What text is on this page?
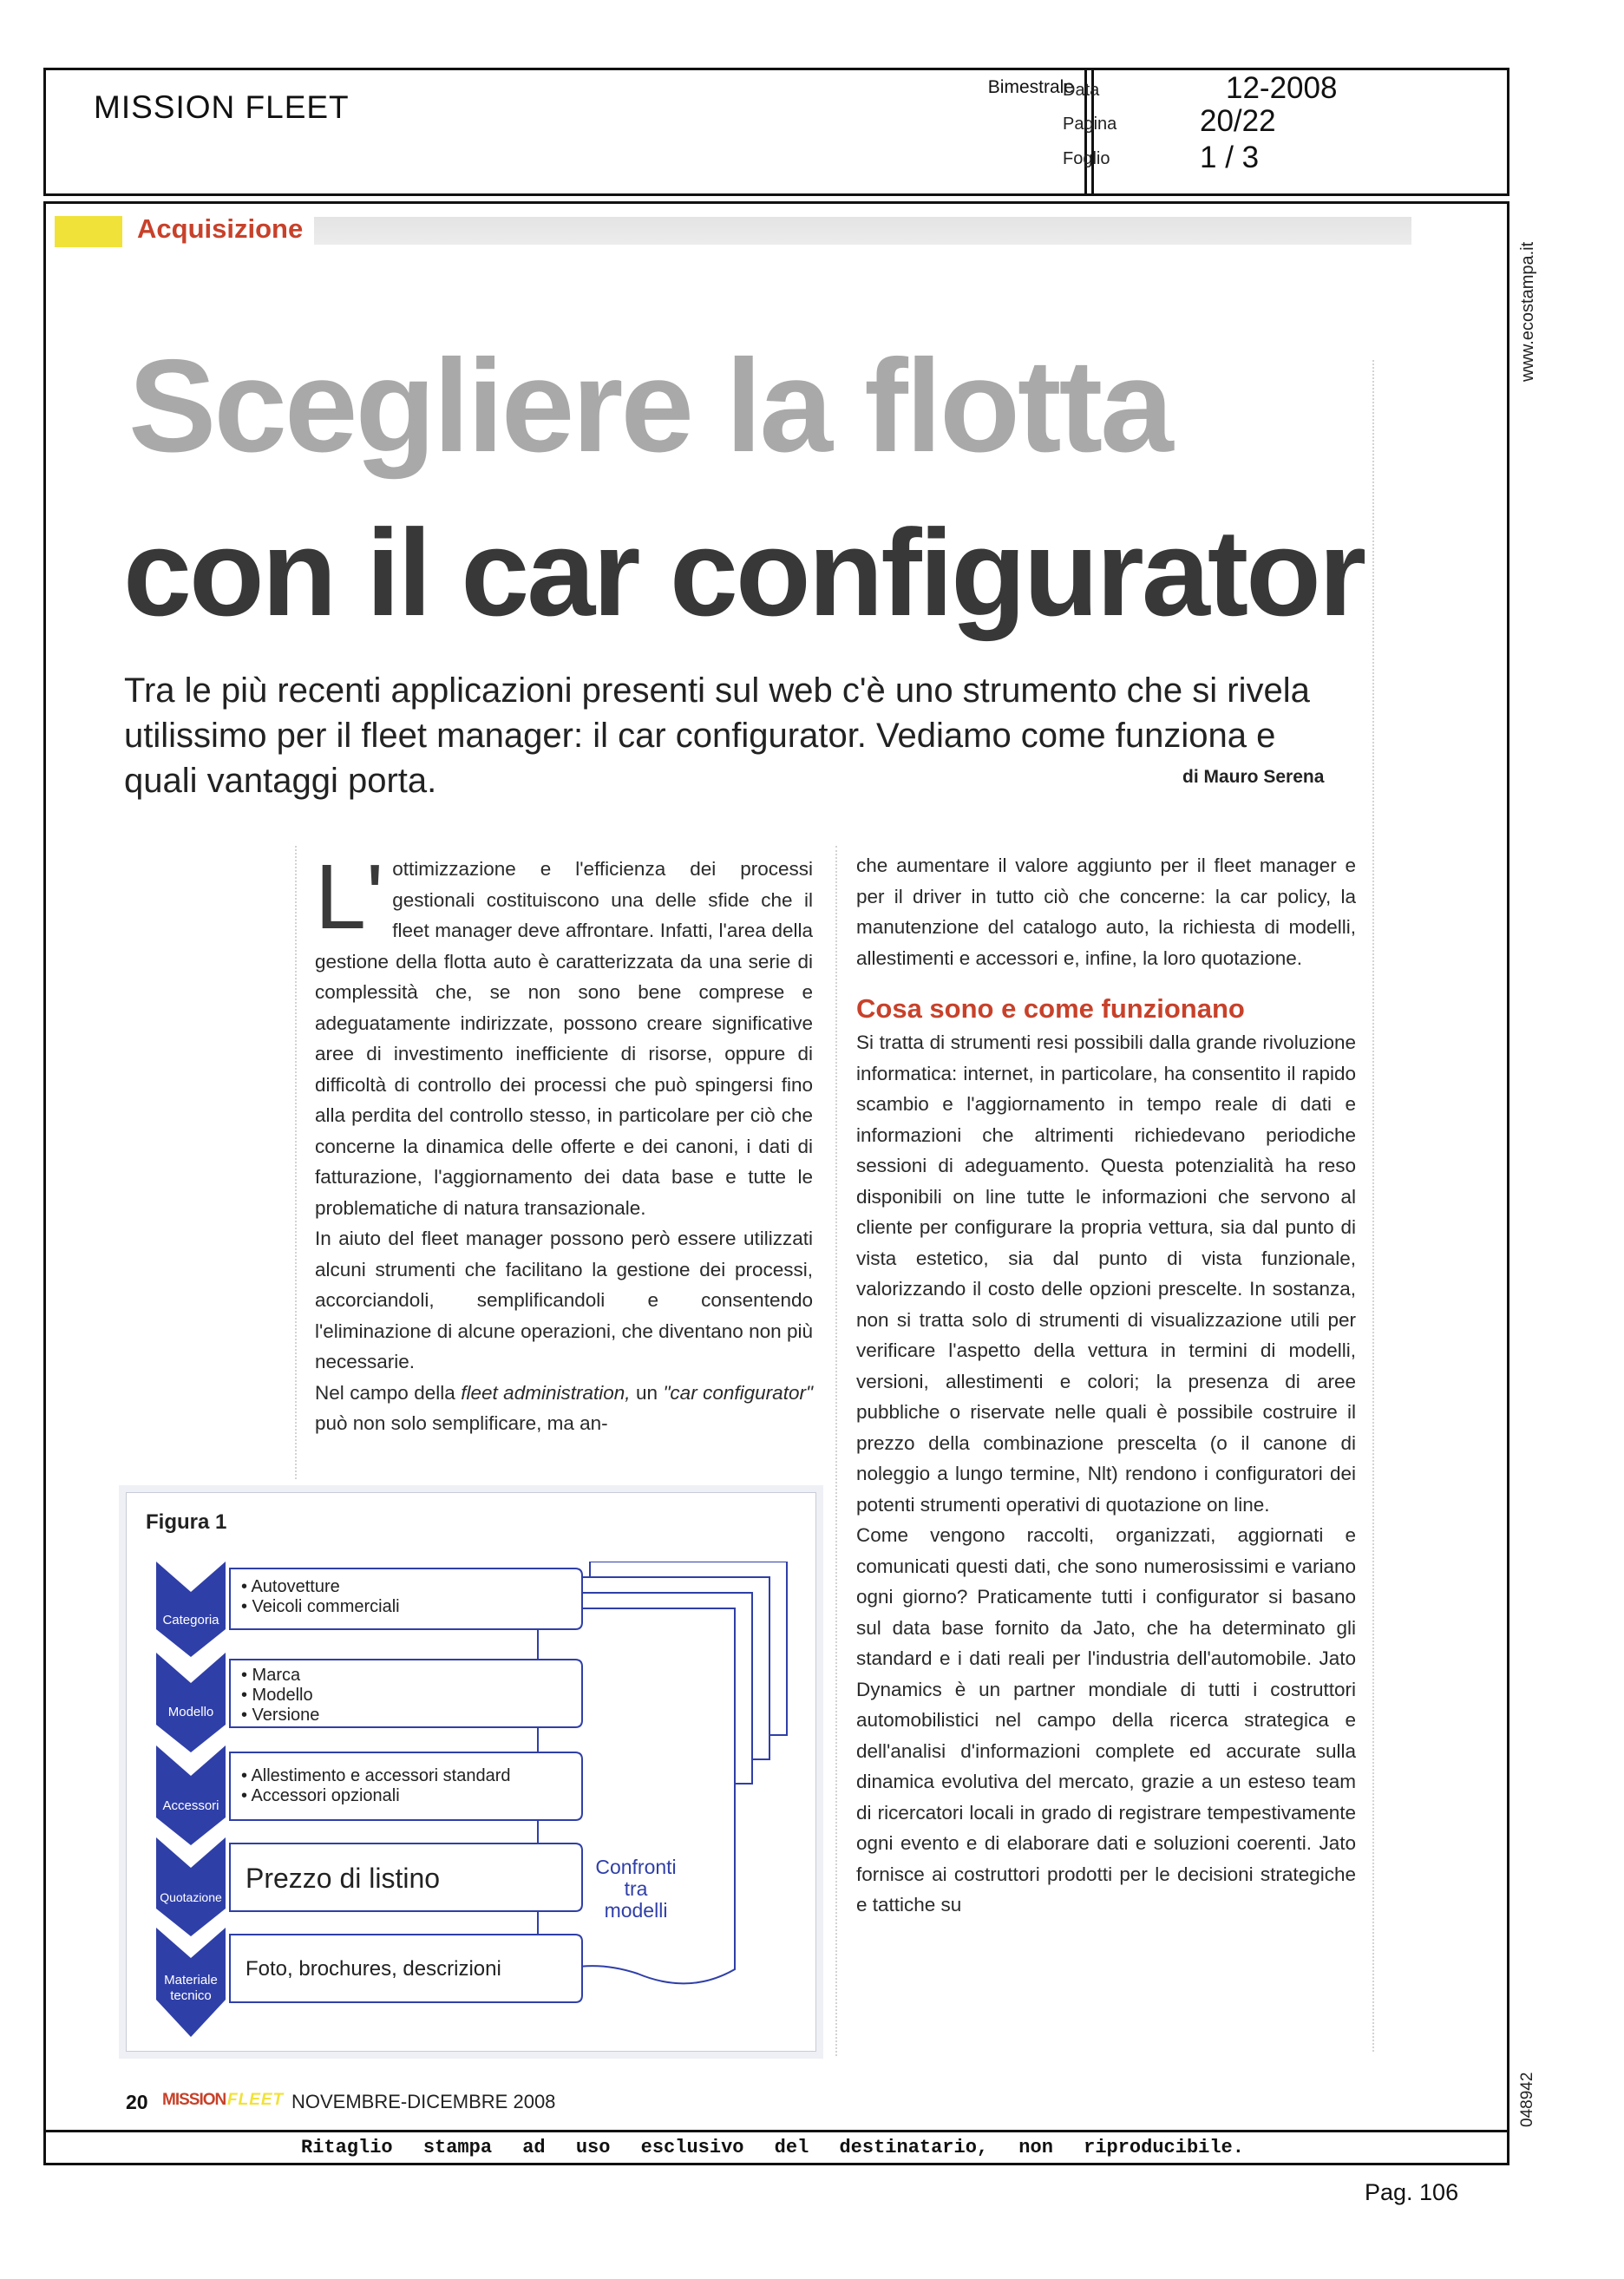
MISSION FLEET
Bimestrale
Data	12-2008
Pagina	20/22
Foglio	1 / 3
Ritaglio stampa ad uso esclusivo del destinatario, non riproducibile.
www.ecostampa.it
048942
Pag. 106
Acquisizione
Scegliere la flotta
con il car configurator
Tra le più recenti applicazioni presenti sul web c'è uno strumento che si rivela utilissimo per il fleet manager: il car configurator. Vediamo come funziona e quali vantaggi porta.	di Mauro Serena

L' ottimizzazione e l'efficienza dei processi gestionali costituiscono una delle sfide che il fleet manager deve affrontare. Infatti, l'area della gestione della flotta auto è caratterizzata da una serie di complessità che, se non sono bene comprese e adeguatamente indirizzate, possono creare significative aree di investimento inefficiente di risorse, oppure di difficoltà di controllo dei processi che può spingersi fino alla perdita del controllo stesso, in particolare per ciò che concerne la dinamica delle offerte e dei canoni, i dati di fatturazione, l'aggiornamento dei data base e tutte le problematiche di natura transazionale.

In aiuto del fleet manager possono però essere utilizzati alcuni strumenti che facilitano la gestione dei processi, accorciandoli, semplificandoli e consentendo l'eliminazione di alcune operazioni, che diventano non più necessarie.

Nel campo della fleet administration, un "car configurator" può non solo semplificare, ma an-

che aumentare il valore aggiunto per il fleet manager e per il driver in tutto ciò che concerne: la car policy, la manutenzione del catalogo auto, la richiesta di modelli, allestimenti e accessori e, infine, la loro quotazione.

Cosa sono e come funzionano

Si tratta di strumenti resi possibili dalla grande rivoluzione informatica: internet, in particolare, ha consentito il rapido scambio e l'aggiornamento in tempo reale di dati e informazioni che altrimenti richiedevano periodiche sessioni di adeguamento. Questa potenzialità ha reso disponibili on line tutte le informazioni che servono al cliente per configurare la propria vettura, sia dal punto di vista estetico, sia dal punto di vista funzionale, valorizzando il costo delle opzioni prescelte. In sostanza, non si tratta solo di strumenti di visualizzazione utili per verificare l'aspetto della vettura in termini di modelli, versioni, allestimenti e colori; la presenza di aree pubbliche o riservate nelle quali è possibile costruire il prezzo della combinazione prescelta (o il canone di noleggio a lungo termine, Nlt) rendono i configuratori dei potenti strumenti operativi di quotazione on line.

Come vengono raccolti, organizzati, aggiornati e comunicati questi dati, che sono numerosissimi e variano ogni giorno? Praticamente tutti i configurator si basano sul data base fornito da Jato, che ha determinato gli standard e i dati reali per l'industria dell'automobile. Jato Dynamics è un partner mondiale di tutti i costruttori automobilistici nel campo della ricerca strategica e dell'analisi d'informazioni complete ed accurate sulla dinamica evolutiva del mercato, grazie a un esteso team di ricercatori locali in grado di registrare tempestivamente ogni evento e di elaborare dati e soluzioni coerenti. Jato fornisce ai costruttori prodotti per le decisioni strategiche e tattiche su

Figura 1
Confronti
tra
modelli
Categoria
• Autovetture
• Veicoli commerciali
Modello
• Marca
• Modello
• Versione
Accessori
• Allestimento e accessori standard
• Accessori opzionali
Quotazione
Prezzo di listino
Materiale
tecnico
Foto, brochures, descrizioni
20 MISSION FLEET NOVEMBRE-DICEMBRE 2008
